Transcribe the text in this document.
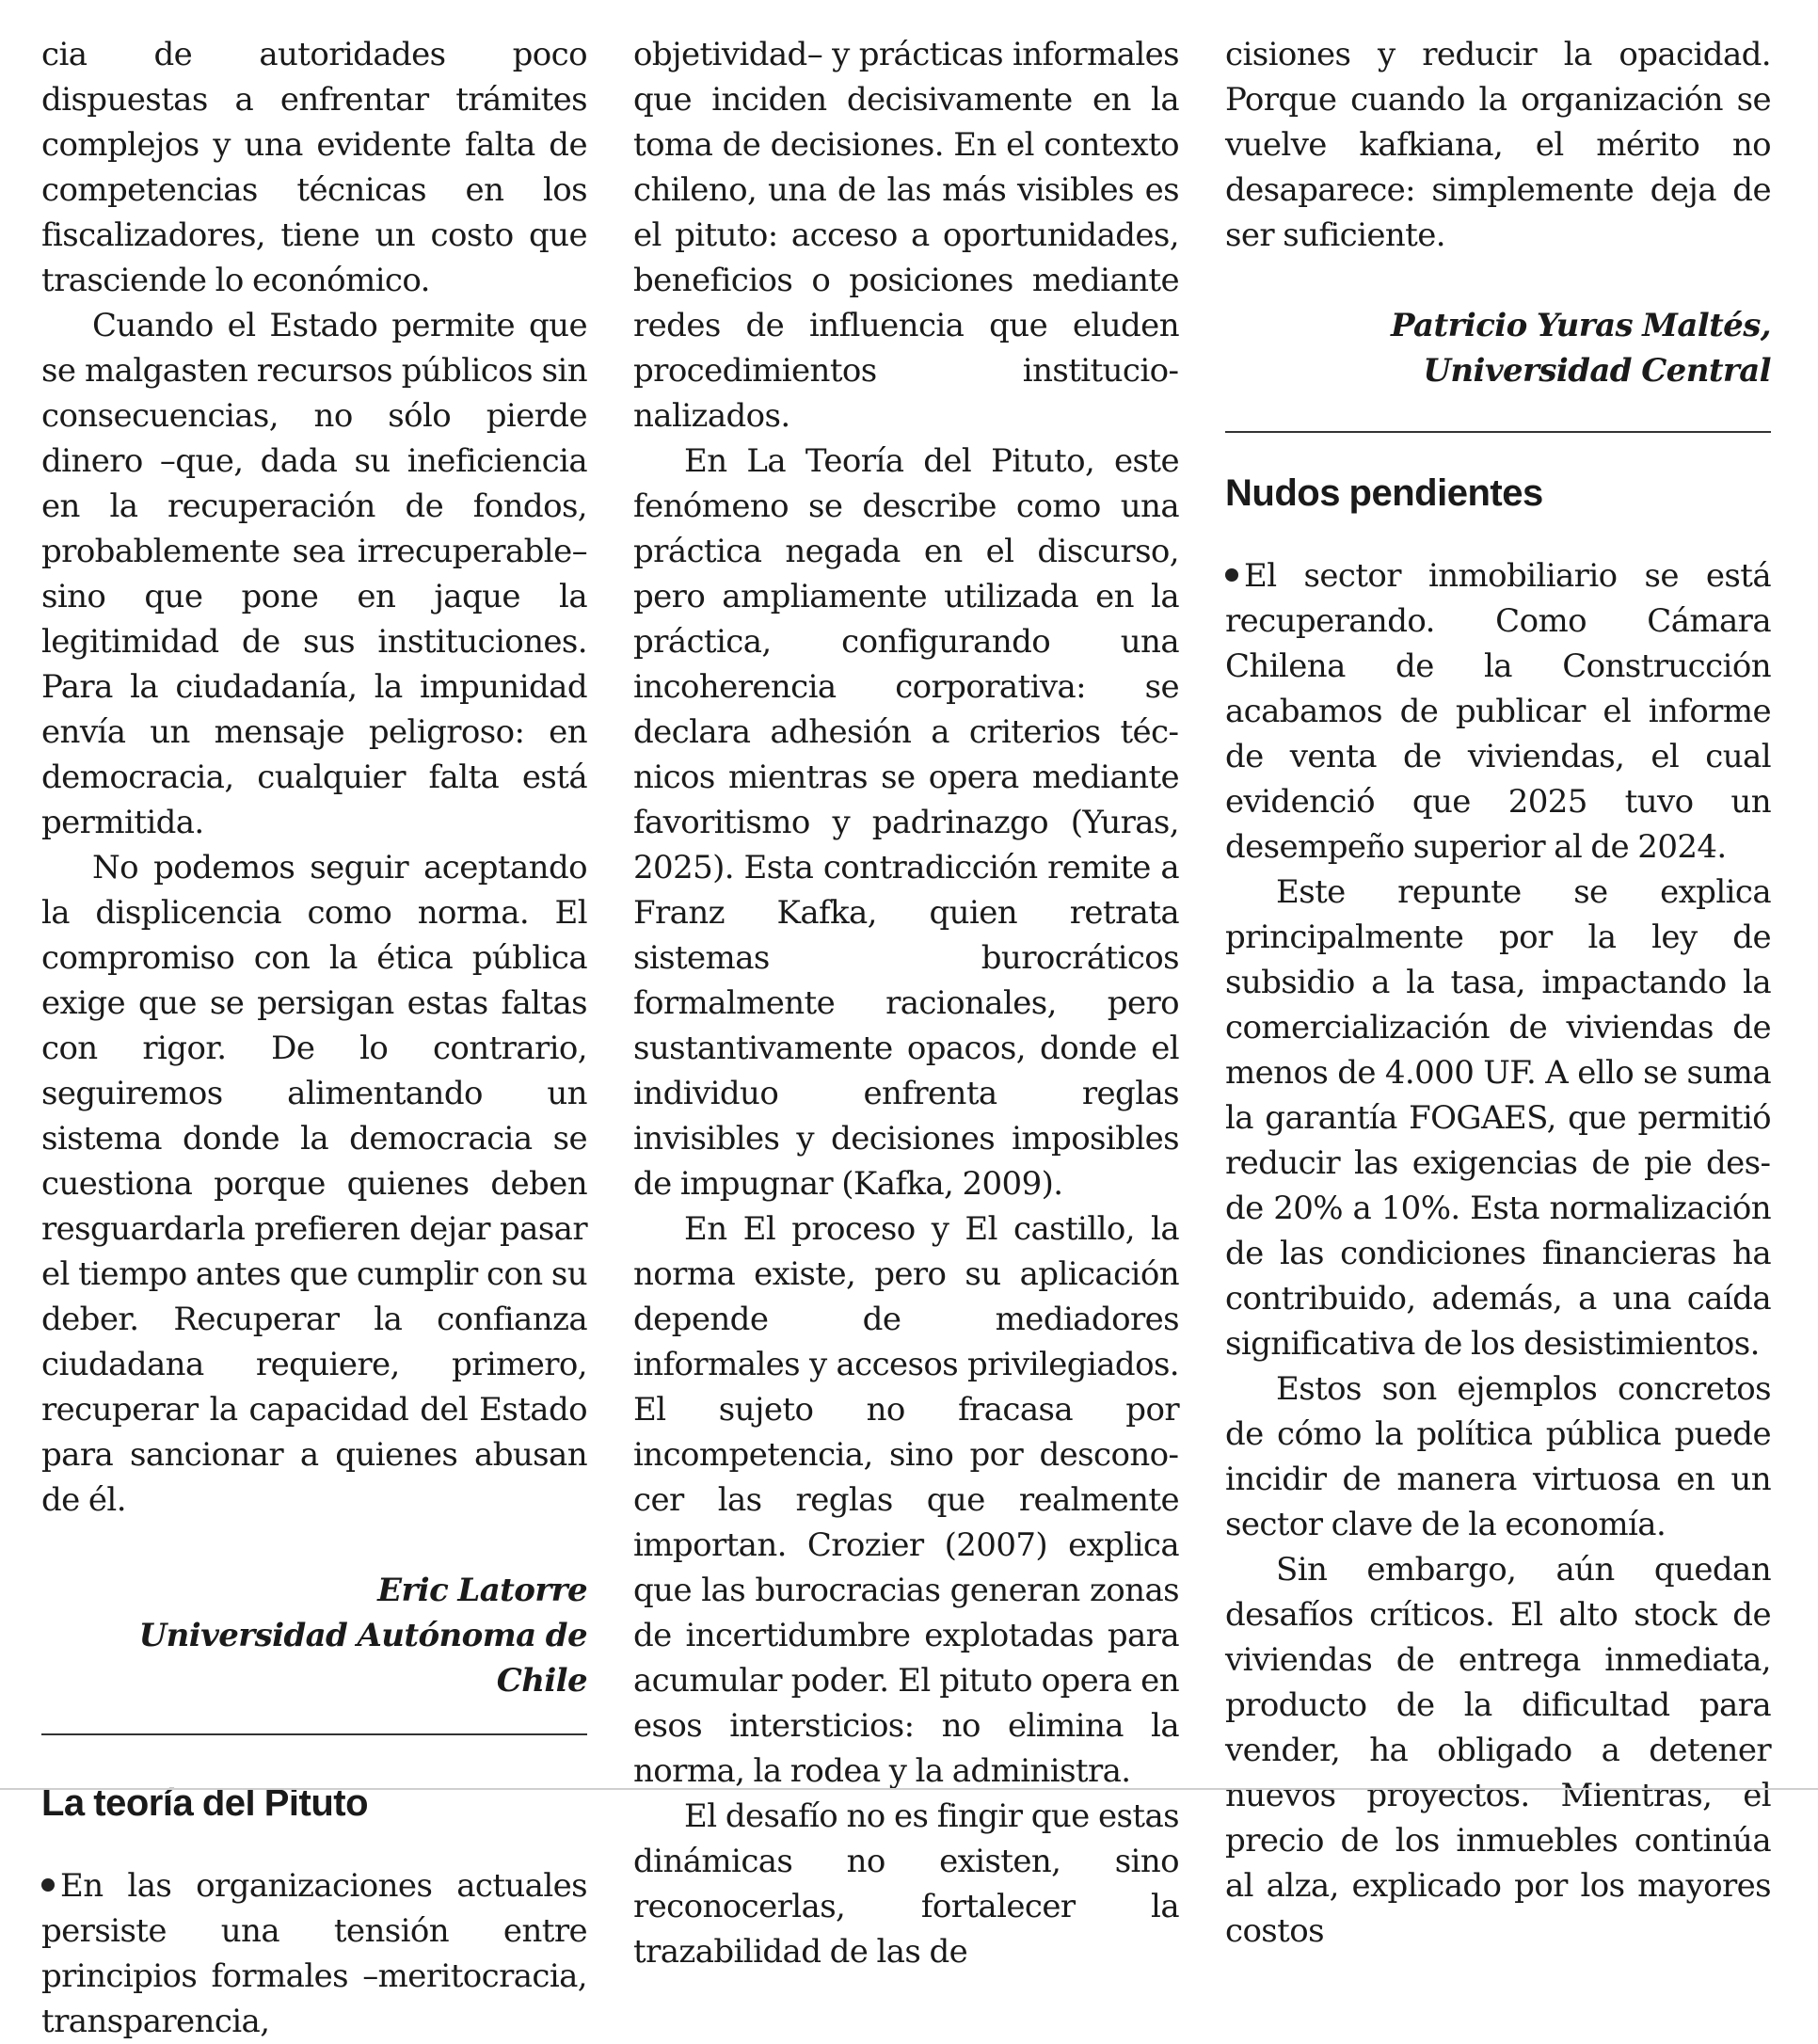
cia de autoridades poco dispuestas a enfrentar trámites complejos y una evidente falta de competencias técnicas en los fiscalizadores, tiene un costo que trasciende lo económico.

Cuando el Estado permite que se malgasten recursos públicos sin consecuencias, no sólo pierde dinero –que, dada su ineficiencia en la recuperación de fondos, probablemente sea irrecuperable– sino que pone en jaque la legitimidad de sus instituciones. Para la ciudadanía, la impunidad envía un mensaje peligroso: en democracia, cualquier falta está permitida.

No podemos seguir aceptando la displicencia como norma. El compromiso con la ética pública exige que se persigan estas faltas con rigor. De lo contrario, seguiremos alimentando un sistema donde la democracia se cuestiona porque quienes deben resguardarla prefieren dejar pasar el tiempo antes que cumplir con su deber. Recuperar la confianza ciudadana requiere, primero, recuperar la capacidad del Estado para sancionar a quienes abusan de él.

Eric Latorre
Universidad Autónoma de Chile
La teoría del Pituto

En las organizaciones actuales persiste una tensión entre principios formales –meritocracia, transparencia,

objetividad– y prácticas informales que inciden decisivamente en la toma de decisiones. En el contexto chileno, una de las más visibles es el pituto: acceso a oportunidades, beneficios o posiciones mediante redes de influencia que eluden procedimientos institucionalizados.

En La Teoría del Pituto, este fenómeno se describe como una práctica negada en el discurso, pero ampliamente utilizada en la práctica, configurando una incoherencia corporativa: se declara adhesión a criterios técnicos mientras se opera mediante favoritismo y padrinazgo (Yuras, 2025). Esta contradicción remite a Franz Kafka, quien retrata sistemas burocráticos formalmente racionales, pero sustantivamente opacos, donde el individuo enfrenta reglas invisibles y decisiones imposibles de impugnar (Kafka, 2009).

En El proceso y El castillo, la norma existe, pero su aplicación depende de mediadores informales y accesos privilegiados. El sujeto no fracasa por incompetencia, sino por desconocer las reglas que realmente importan. Crozier (2007) explica que las burocracias generan zonas de incertidumbre explotadas para acumular poder. El pituto opera en esos intersticios: no elimina la norma, la rodea y la administra.

El desafío no es fingir que estas dinámicas no existen, sino reconocerlas, fortalecer la trazabilidad de las de

cisiones y reducir la opacidad. Porque cuando la organización se vuelve kafkiana, el mérito no desaparece: simplemente deja de ser suficiente.

Patricio Yuras Maltés,
Universidad Central
Nudos pendientes

El sector inmobiliario se está recuperando. Como Cámara Chilena de la Construcción acabamos de publicar el informe de venta de viviendas, el cual evidenció que 2025 tuvo un desempeño superior al de 2024.

Este repunte se explica principalmente por la ley de subsidio a la tasa, impactando la comercialización de viviendas de menos de 4.000 UF. A ello se suma la garantía FOGAES, que permitió reducir las exigencias de pie desde 20% a 10%. Esta normalización de las condiciones financieras ha contribuido, además, a una caída significativa de los desistimientos.

Estos son ejemplos concretos de cómo la política pública puede incidir de manera virtuosa en un sector clave de la economía.

Sin embargo, aún quedan desafíos críticos. El alto stock de viviendas de entrega inmediata, producto de la dificultad para vender, ha obligado a detener nuevos proyectos. Mientras, el precio de los inmuebles continúa al alza, explicado por los mayores costos
